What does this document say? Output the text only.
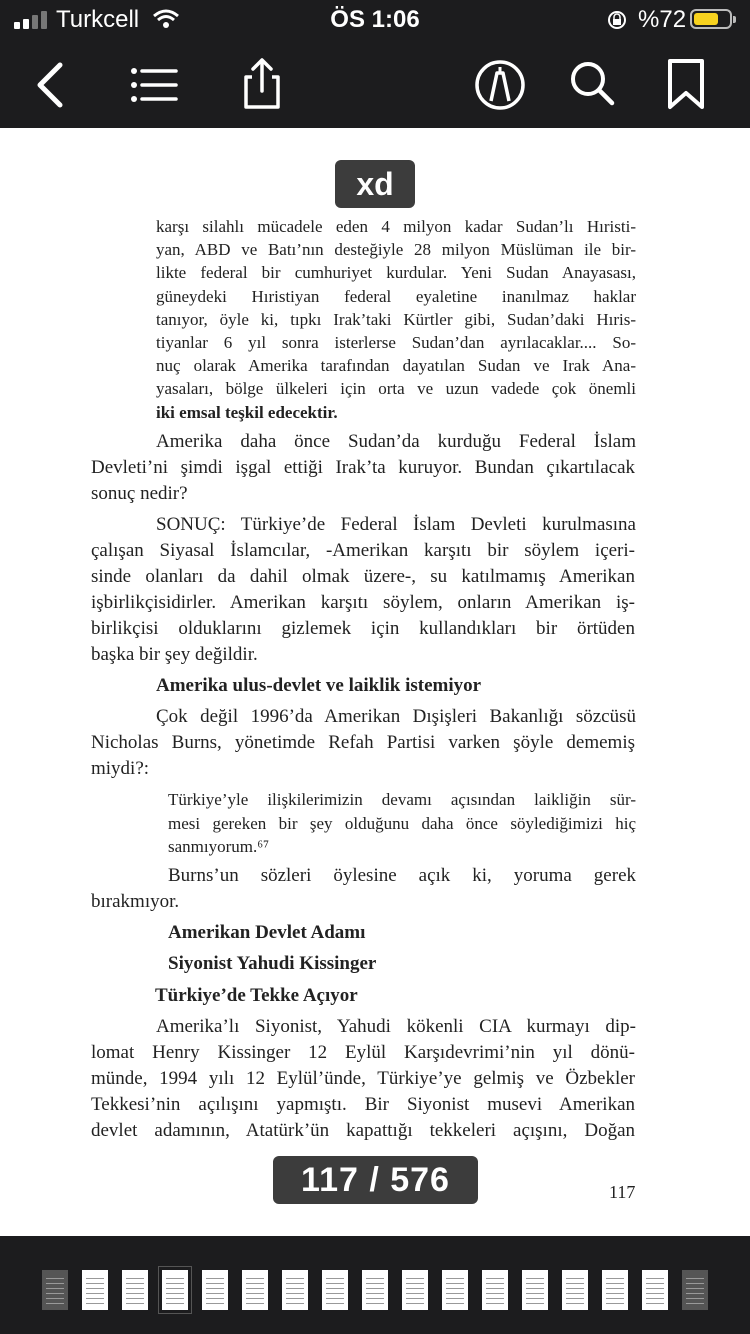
Turkcell	ÖS 1:06	%72
xd
karşı silahlı mücadele eden 4 milyon kadar Sudan’lı Hıristi-
yan, ABD ve Batı’nın desteğiyle 28 milyon Müslüman ile bir-
likte federal bir cumhuriyet kurdular. Yeni Sudan Anayasası,
güneydeki Hıristiyan federal eyaletine inanılmaz haklar
tanıyor, öyle ki, tıpkı Irak’taki Kürtler gibi, Sudan’daki Hıris-
tiyanlar 6 yıl sonra isterlerse Sudan’dan ayrılacaklar.... So-
nuç olarak Amerika tarafından dayatılan Sudan ve Irak Ana-
yasaları, bölge ülkeleri için orta ve uzun vadede çok önemli
iki emsal teşkil edecektir.
Amerika daha önce Sudan’da kurduğu Federal İslam
Devleti’ni şimdi işgal ettiği Irak’ta kuruyor. Bundan çıkartılacak
sonuç nedir?
SONUÇ: Türkiye’de Federal İslam Devleti kurulmasına
çalışan Siyasal İslamcılar, -Amerikan karşıtı bir söylem içeri-
sinde olanları da dahil olmak üzere-, su katılmamış Amerikan
işbirlikçisidirler. Amerikan karşıtı söylem, onların Amerikan iş-
birlikçisi olduklarını gizlemek için kullandıkları bir örtüden
başka bir şey değildir.
Amerika ulus-devlet ve laiklik istemiyor
Çok değil 1996’da Amerikan Dışişleri Bakanlığı sözcüsü
Nicholas Burns, yönetimde Refah Partisi varken şöyle dememiş
miydi?:
Türkiye’yle ilişkilerimizin devamı açısından laikliğin sür-
mesi gereken bir şey olduğunu daha önce söylediğimizi hiç
sanmıyorum.⁶⁷
Burns’un sözleri öylesine açık ki, yoruma gerek
bırakmıyor.
Amerikan Devlet Adamı
Siyonist Yahudi Kissinger
Türkiye’de Tekke Açıyor
Amerika’lı Siyonist, Yahudi kökenli CIA kurmayı dip-
lomat Henry Kissinger 12 Eylül Karşıdevrimi’nin yıl dönü-
münde, 1994 yılı 12 Eylül’ünde, Türkiye’ye gelmiş ve Özbekler
Tekkesi’nin açılışını yapmıştı. Bir Siyonist musevi Amerikan
devlet adamının, Atatürk’ün kapattığı tekkeleri açışını, Doğan
117 / 576	117
